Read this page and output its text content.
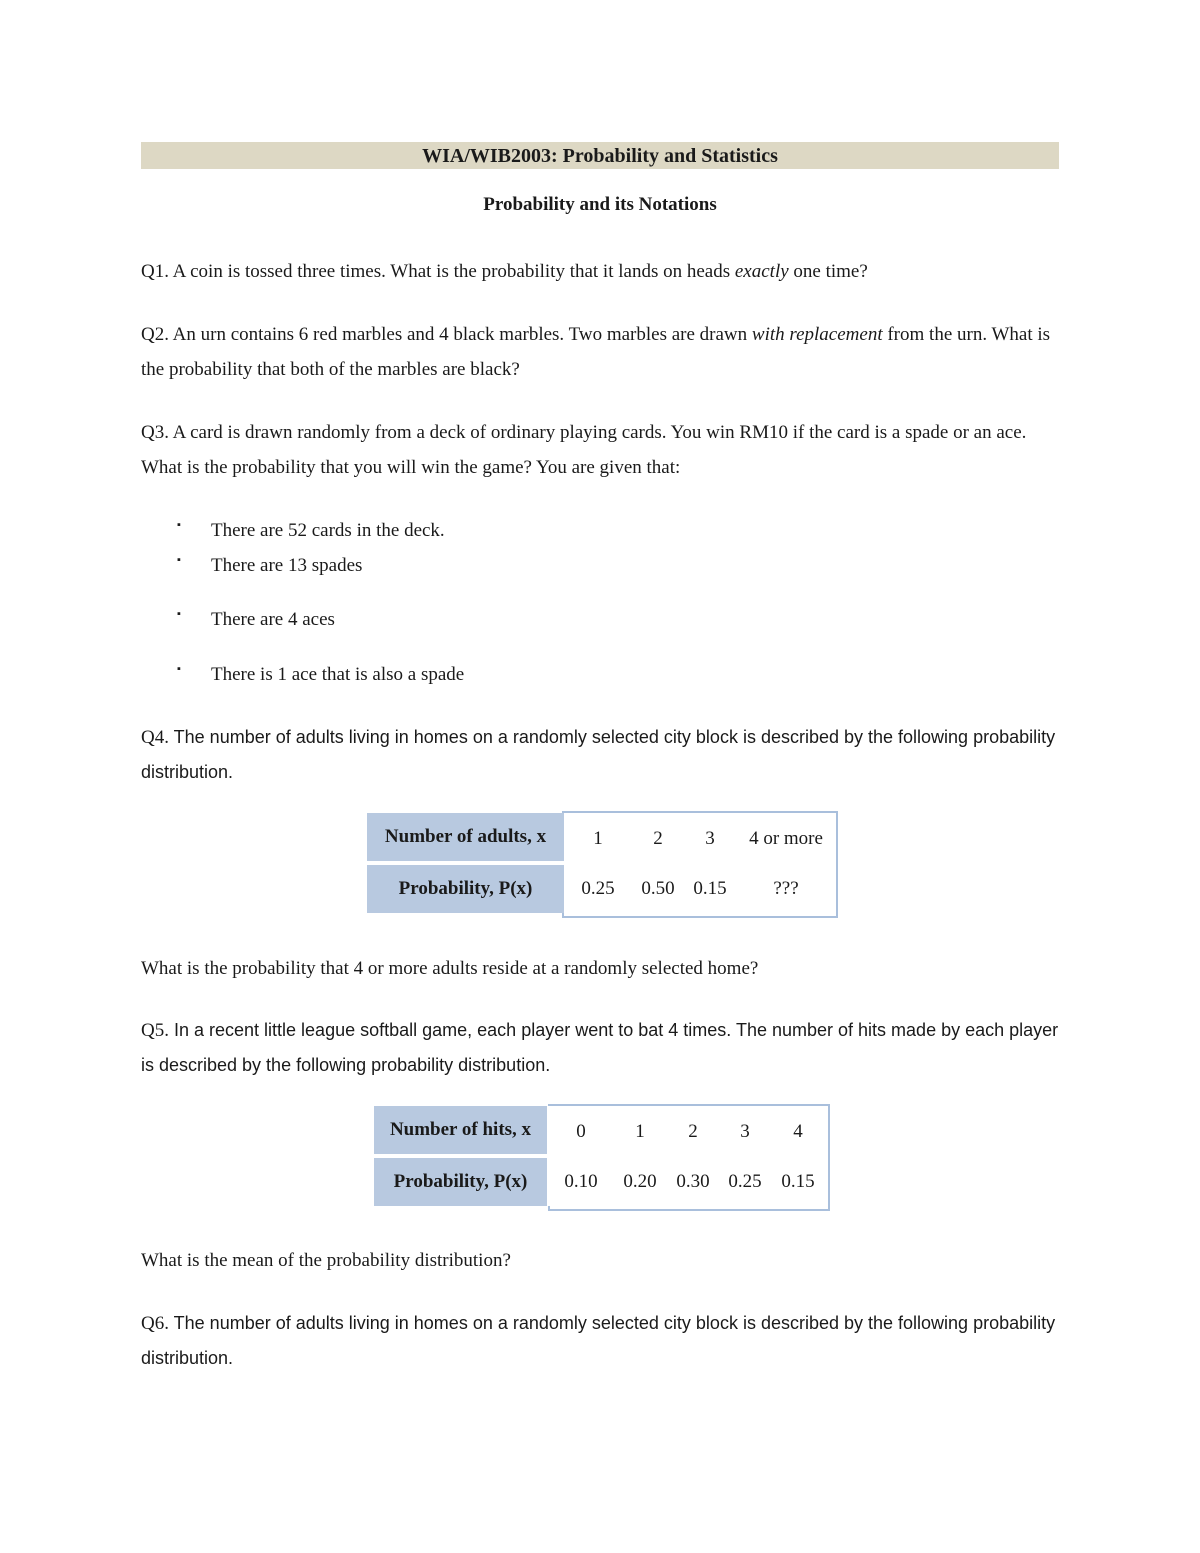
WIA/WIB2003: Probability and Statistics
Probability and its Notations
Q1. A coin is tossed three times. What is the probability that it lands on heads exactly one time?
Q2. An urn contains 6 red marbles and 4 black marbles. Two marbles are drawn with replacement from the urn. What is the probability that both of the marbles are black?
Q3. A card is drawn randomly from a deck of ordinary playing cards. You win RM10 if the card is a spade or an ace. What is the probability that you will win the game? You are given that:
▪ There are 52 cards in the deck.
▪ There are 13 spades
▪ There are 4 aces
▪ There is 1 ace that is also a spade
Q4. The number of adults living in homes on a randomly selected city block is described by the following probability distribution.
Number of adults, x	1	2	3	4 or more
Probability, P(x)	0.25	0.50	0.15	???
What is the probability that 4 or more adults reside at a randomly selected home?
Q5. In a recent little league softball game, each player went to bat 4 times. The number of hits made by each player is described by the following probability distribution.
Number of hits, x	0	1	2	3	4
Probability, P(x)	0.10	0.20	0.30	0.25	0.15
What is the mean of the probability distribution?
Q6. The number of adults living in homes on a randomly selected city block is described by the following probability distribution.
